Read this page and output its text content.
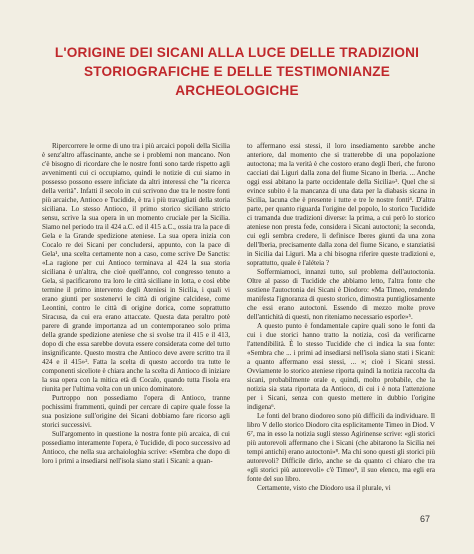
L'ORIGINE DEI SICANI ALLA LUCE DELLE TRADIZIONI
STORIOGRAFICHE E DELLE TESTIMONIANZE
ARCHEOLOGICHE

Ripercorrere le orme di uno tra i più arcaici popoli della Sicilia è senz'altro affascinante, anche se i problemi non mancano. Non c'è bisogno di ricordare che le nostre fonti sono tarde rispetto agli avvenimenti cui ci occupiamo, quindi le notizie di cui siamo in possesso possono essere inficiate da altri interessi che "la ricerca della verità". Infatti il secolo in cui scrivono due tra le nostre fonti più arcaiche, Antioco e Tucidide, è tra i più travagliati della storia siciliana. Lo stesso Antioco, il primo storico siciliano stricto sensu, scrive la sua opera in un momento cruciale per la Sicilia. Siamo nel periodo tra il 424 a.C. ed il 415 a.C., ossia tra la pace di Gela e la Grande spedizione ateniese. La sua opera inizia con Cocalo re dei Sicani per concludersi, appunto, con la pace di Gela¹, una scelta certamente non a caso, come scrive De Sanctis: «La ragione per cui Antioco terminava al 424 la sua storia siciliana è un'altra, che cioè quell'anno, col congresso tenuto a Gela, si pacificarono tra loro le città siciliane in lotta, e così ebbe termine il primo intervento degli Ateniesi in Sicilia, i quali vi erano giunti per sostenervi le città di origine calcidese, come Leontini, contro le città di origine dorica, come soprattutto Siracusa, da cui era erano attaccate. Questa data peraltro potè parere di grande importanza ad un contemporaneo solo prima della grande spedizione ateniese che si svolse tra il 415 e il 413, dopo di che essa sarebbe dovuta essere considerata come del tutto insignificante. Questo mostra che Antioco deve avere scritto tra il 424 e il 415»². Fatta la scelta di questo accordo tra tutte le componenti siceliote è chiara anche la scelta di Antioco di iniziare la sua opera con la mitica età di Cocalo, quando tutta l'isola era riunita per l'ultima volta con un unico dominatore.

Purtroppo non possediamo l'opera di Antioco, tranne pochissimi frammenti, quindi per cercare di capire quale fosse la sua posizione sull'origine dei Sicani dobbiamo fare ricorso agli storici successivi.

Sull'argomento in questione la nostra fonte più arcaica, di cui possediamo interamente l'opera, è Tucidide, di poco successivo ad Antioco, che nella sua archaiologhia scrive: «Sembra che dopo di loro i primi a insediarsi nell'isola siano stati i Sicani: a quan-

to affermano essi stessi, il loro insediamento sarebbe anche anteriore, dal momento che si tratterebbe di una popolazione autoctona; ma la verità è che costoro erano degli Iberi, che furono cacciati dai Liguri dalla zona del fiume Sicano in Iberia. ... Anche oggi essi abitano la parte occidentale della Sicilia»³. Quel che si evince subito è la mancanza di una data per la diabasis sicana in Sicilia, lacuna che è presente i tutte e tre le nostre fonti⁴. D'altra parte, per quanto riguarda l'origine del popolo, lo storico Tucidide ci tramanda due tradizioni diverse: la prima, a cui però lo storico ateniese non presta fede, considera i Sicani autoctoni; la seconda, cui egli sembra credere, li definisce Iberes giunti da una zona dell'Iberia, precisamente dalla zona del fiume Sicano, e stanziatisi in Sicilia dai Liguri. Ma a chi bisogna riferire queste tradizioni e, soprattutto, quale è l'aléteia ?

Soffermiamoci, innanzi tutto, sul problema dell'autoctonia. Oltre al passo di Tucidide che abbiamo letto, l'altra fonte che sostiene l'autoctonia dei Sicani è Diodoro: «Ma Timeo, rendendo manifesta l'ignoranza di questo storico, dimostra puntigliosamente che essi erano autoctoni. Essendo di mezzo molte prove dell'antichità di questi, non riteniamo necessario esporle»⁵.

A questo punto è fondamentale capire quali sono le fonti da cui i due storici hanno tratto la notizia, così da verificarne l'attendibilità. È lo stesso Tucidide che ci indica la sua fonte: «Sembra che ... i primi ad insediarsi nell'isola siano stati i Sicani: a quanto affermano essi stessi, ... »; cioè i Sicani stessi. Ovviamente lo storico ateniese riporta quindi la notizia raccolta da sicani, probabilmente orale e, quindi, molto probabile, che la notizia sia stata riportata da Antioco, di cui i è nota l'attenzione per i Sicani, senza con questo mettere in dubbio l'origine indigena⁶.

Le fonti del brano diodoreo sono più difficili da individuare. Il libro V dello storico Diodoro cita esplicitamente Timeo in Diod. V 6⁷, ma in esso la notizia sugli stesso Agirinense scrive: «gli storici più autorevoli affermano che i Sicani (che abitarono la Sicilia nei tempi antichi) erano autoctoni»⁸. Ma chi sono questi gli storici più autorevoli? Difficile dirlo, anche se da quanto ci chiaro che tra «gli storici più autorevoli» c'è Timeo⁹, il suo elenco, ma egli era fonte del suo libro.

Certamente, visto che Diodoro usa il plurale, vi

67
